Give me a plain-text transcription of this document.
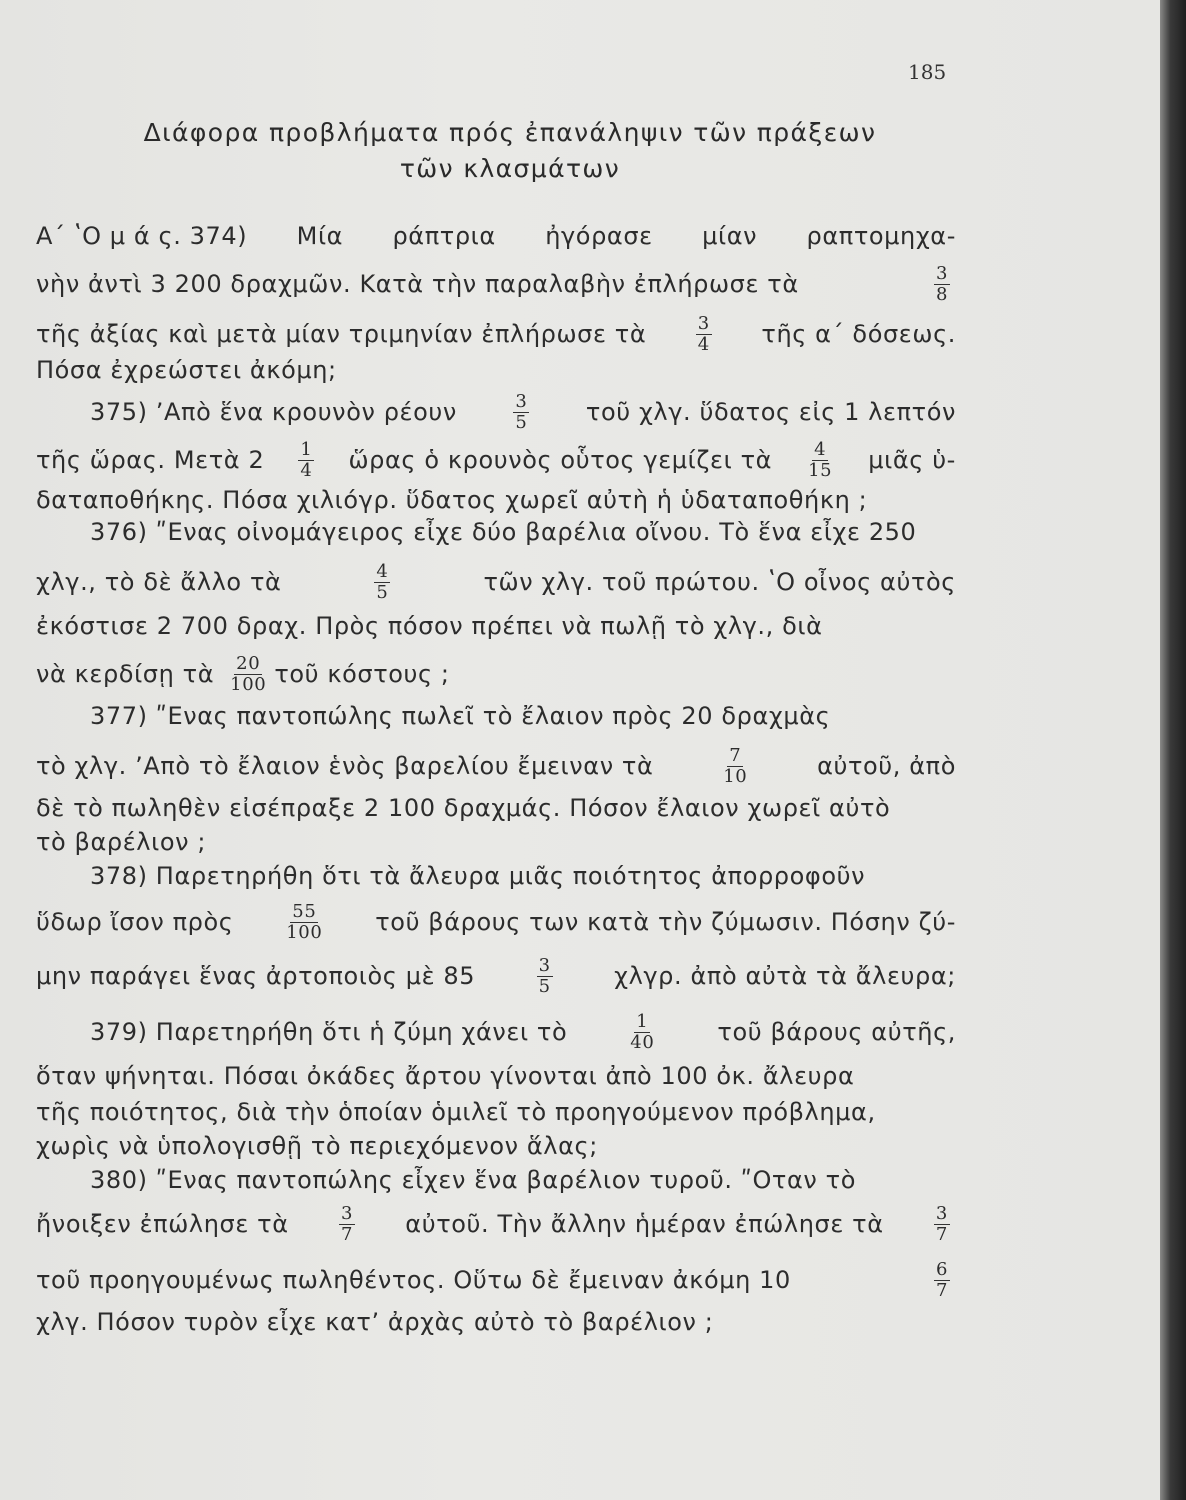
185
Διάφορα προβλήματα πρός ἐπανάληψιν τῶν πράξεων
τῶν κλασμάτων
Α΄ ʽΟ μ ά ς. 374) Μία ράπτρια ἠγόρασε μίαν ραπτομηχα-
νὴν ἀντὶ 3 200 δραχμῶν. Κατὰ τὴν παραλαβὴν ἐπλήρωσε τὰ	$\frac{3}{8}$
τῆς ἀξίας καὶ μετὰ μίαν τριμηνίαν ἐπλήρωσε τὰ	$\frac{3}{4}$ τῆς α΄ δόσεως.
Πόσα ἐχρεώστει ἀκόμη;
375) ʼΑπὸ ἕνα κρουνὸν ρέουν	$\frac{3}{5}$ τοῦ χλγ. ὕδατος εἰς 1 λεπτόν
τῆς ὥρας. Μετὰ $2 \frac{1}{4}$ ὥρας ὁ κρουνὸς οὗτος γεμίζει τὰ $\frac{4}{15}$ μιᾶς ὑ-
δαταποθήκης. Πόσα χιλιόγρ. ὕδατος χωρεῖ αὐτὴ ἡ ὑδαταποθήκη ;
376) ʺΕνας οἰνομάγειρος εἶχε δύο βαρέλια οἴνου. Τὸ ἕνα εἶχε 250
χλγ., τὸ δὲ ἄλλο τὰ	$\frac{4}{5}$	τῶν χλγ. τοῦ πρώτου. ʽΟ οἶνος αὐτὸς
ἐκόστισε 2 700 δραχ. Πρὸς πόσον πρέπει νὰ πωλῇ τὸ χλγ., διὰ
νὰ κερδίσῃ τὰ $\frac{20}{100}$ τοῦ κόστους ;
377) ʺΕνας παντοπώλης πωλεῖ τὸ ἔλαιον πρὸς 20 δραχμὰς
τὸ χλγ. ʼΑπὸ τὸ ἔλαιον ἑνὸς βαρελίου ἔμειναν τὰ	$\frac{7}{10}$	αὐτοῦ, ἀπὸ
δὲ τὸ πωληθὲν εἰσέπραξε 2 100 δραχμάς. Πόσον ἔλαιον χωρεῖ αὐτὸ
τὸ βαρέλιον ;
378) Παρετηρήθη ὅτι τὰ ἄλευρα μιᾶς ποιότητος ἀπορροφοῦν
ὕδωρ ἴσον πρὸς	$\frac{55}{100}$ τοῦ βάρους των κατὰ τὴν ζύμωσιν. Πόσην ζύ-
μην παράγει ἕνας ἀρτοποιὸς μὲ 85	$\frac{3}{5}$	χλγρ. ἀπὸ αὐτὰ τὰ ἄλευρα;
379) Παρετηρήθη ὅτι ἡ ζύμη χάνει τὸ	$\frac{1}{40}$	τοῦ βάρους αὐτῆς,
ὅταν ψήνηται. Πόσαι ὀκάδες ἄρτου γίνονται ἀπὸ 100 ὀκ. ἄλευρα
τῆς ποιότητος, διὰ τὴν ὁποίαν ὁμιλεῖ τὸ προηγούμενον πρόβλημα,
χωρὶς νὰ ὑπολογισθῇ τὸ περιεχόμενον ἅλας;
380) ʺΕνας παντοπώλης εἶχεν ἕνα βαρέλιον τυροῦ. ʺΟταν τὸ
ἤνοιξεν ἐπώλησε τὰ	$\frac{3}{7}$ αὐτοῦ. Τὴν ἄλλην ἡμέραν ἐπώλησε τὰ	$\frac{3}{7}$
τοῦ προηγουμένως πωληθέντος. Οὕτω δὲ ἔμειναν ἀκόμη 10	$\frac{6}{7}$
χλγ. Πόσον τυρὸν εἶχε κατʼ ἀρχὰς αὐτὸ τὸ βαρέλιον ;
